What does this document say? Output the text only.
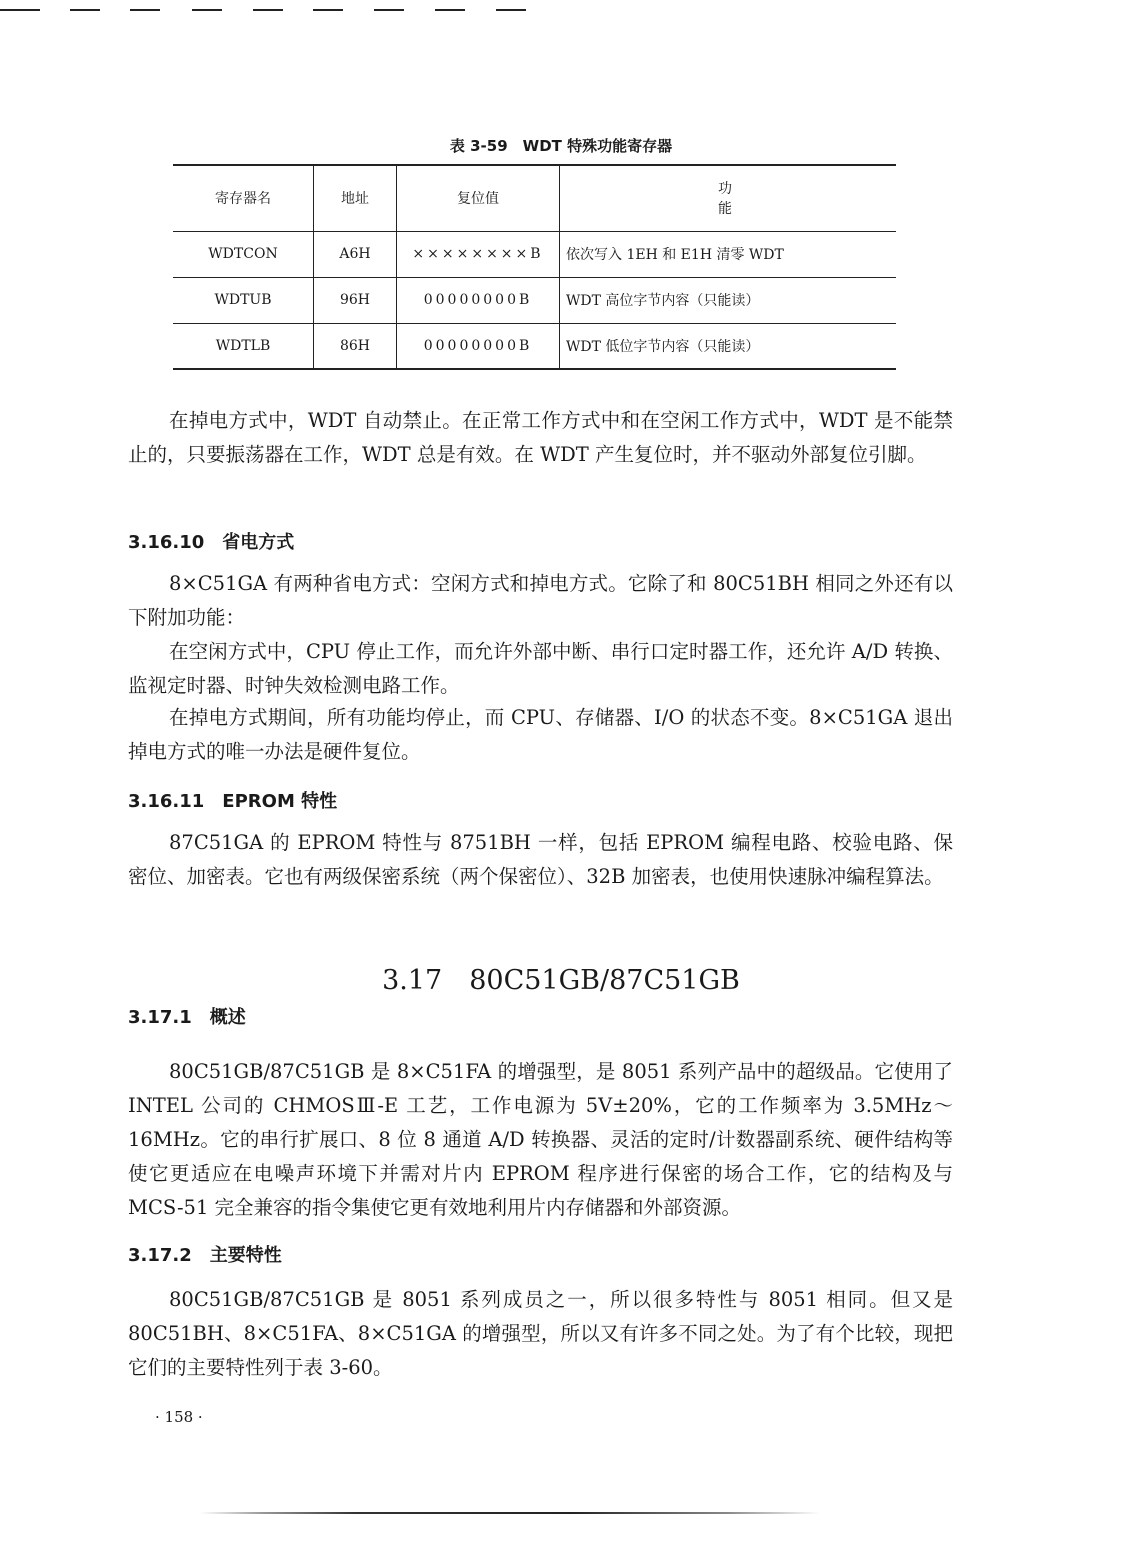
表 3-59　WDT 特殊功能寄存器
寄存器名	地址	复位值	功能
WDTCON	A6H	××××××××B	依次写入 1EH 和 E1H 清零 WDT
WDTUB	96H	00000000B	WDT 高位字节内容（只能读）
WDTLB	86H	00000000B	WDT 低位字节内容（只能读）
在掉电方式中，WDT 自动禁止。在正常工作方式中和在空闲工作方式中，WDT 是不能禁止的，只要振荡器在工作，WDT 总是有效。在 WDT 产生复位时，并不驱动外部复位引脚。
3.16.10　省电方式
8×C51GA 有两种省电方式：空闲方式和掉电方式。它除了和 80C51BH 相同之外还有以下附加功能：
在空闲方式中，CPU 停止工作，而允许外部中断、串行口定时器工作，还允许 A/D 转换、监视定时器、时钟失效检测电路工作。
在掉电方式期间，所有功能均停止，而 CPU、存储器、I/O 的状态不变。8×C51GA 退出掉电方式的唯一办法是硬件复位。
3.16.11　EPROM 特性
87C51GA 的 EPROM 特性与 8751BH 一样，包括 EPROM 编程电路、校验电路、保密位、加密表。它也有两级保密系统（两个保密位）、32B 加密表，也使用快速脉冲编程算法。
3.17　80C51GB/87C51GB
3.17.1　概述
80C51GB/87C51GB 是 8×C51FA 的增强型，是 8051 系列产品中的超级品。它使用了 INTEL 公司的 CHMOSⅢ-E 工艺，工作电源为 5V±20%，它的工作频率为 3.5MHz～16MHz。它的串行扩展口、8 位 8 通道 A/D 转换器、灵活的定时/计数器副系统、硬件结构等使它更适应在电噪声环境下并需对片内 EPROM 程序进行保密的场合工作，它的结构及与 MCS-51 完全兼容的指令集使它更有效地利用片内存储器和外部资源。
3.17.2　主要特性
80C51GB/87C51GB 是 8051 系列成员之一，所以很多特性与 8051 相同。但又是 80C51BH、8×C51FA、8×C51GA 的增强型，所以又有许多不同之处。为了有个比较，现把它们的主要特性列于表 3-60。
· 158 ·
